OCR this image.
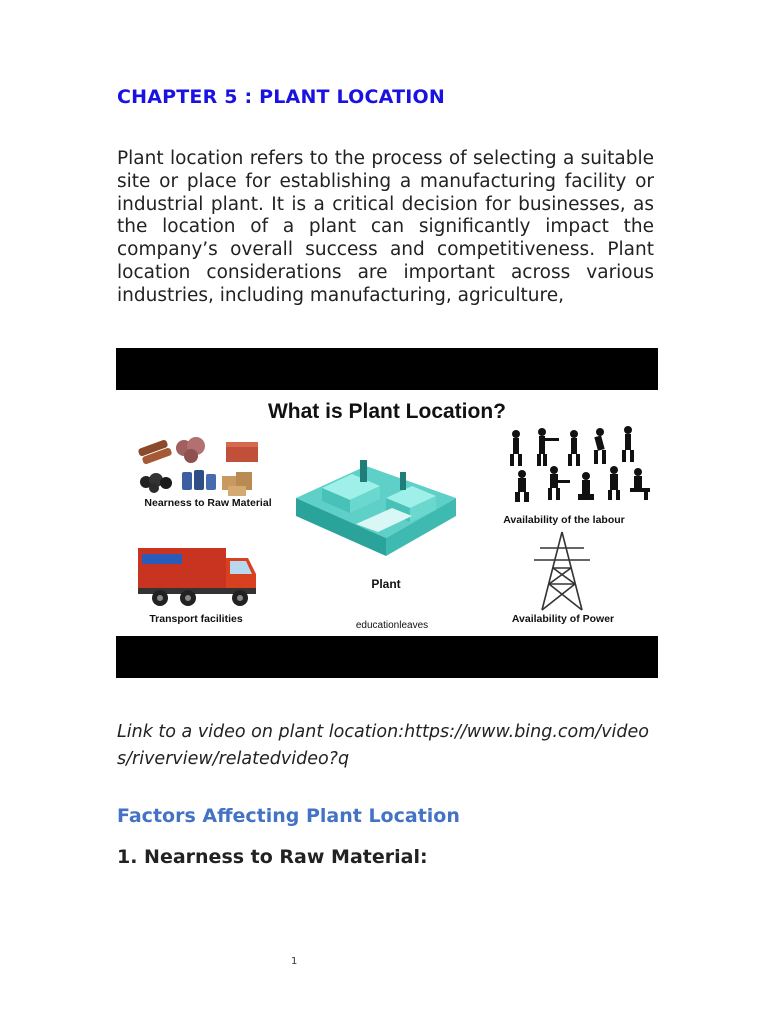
CHAPTER 5 : PLANT LOCATION

Plant location refers to the process of selecting a suitable site or place for establishing a manufacturing facility or industrial plant. It is a critical decision for businesses, as the location of a plant can significantly impact the company’s overall success and competitiveness. Plant location considerations are important across various industries, including manufacturing, agriculture,

What is Plant Location?
Nearness to Raw Material
Availability of the labour
Plant
Transport facilities	Availability of Power
educationleaves

Link to a video on plant location:https://www.bing.com/videos/riverview/relatedvideo?q

Factors Affecting Plant Location
1. Nearness to Raw Material:
1
